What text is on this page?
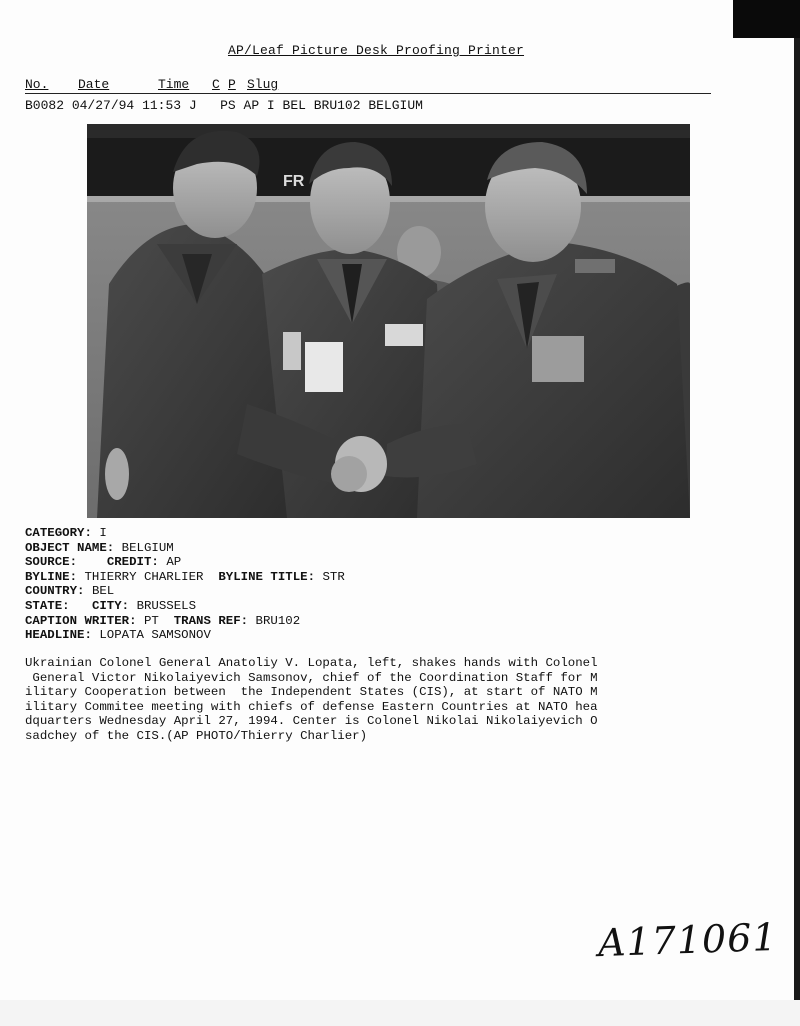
AP/Leaf Picture Desk Proofing Printer
No. Date	Time C P Slug
B0082 04/27/94 11:53 J PS AP I BEL BRU102 BELGIUM
FR
CATEGORY: I
OBJECT NAME: BELGIUM
SOURCE: CREDIT: AP
BYLINE: THIERRY CHARLIER BYLINE TITLE: STR
COUNTRY: BEL
STATE: CITY: BRUSSELS
CAPTION WRITER: PT TRANS REF: BRU102
HEADLINE: LOPATA SAMSONOV
Ukrainian Colonel General Anatoliy V. Lopata, left, shakes hands with Colonel
General Victor Nikolaiyevich Samsonov, chief of the Coordination Staff for M
ilitary Cooperation between  the Independent States (CIS), at start of NATO M
ilitary Commitee meeting with chiefs of defense Eastern Countries at NATO hea
dquarters Wednesday April 27, 1994. Center is Colonel Nikolai Nikolaiyevich O
sadchey of the CIS.(AP PHOTO/Thierry Charlier)
A171061
